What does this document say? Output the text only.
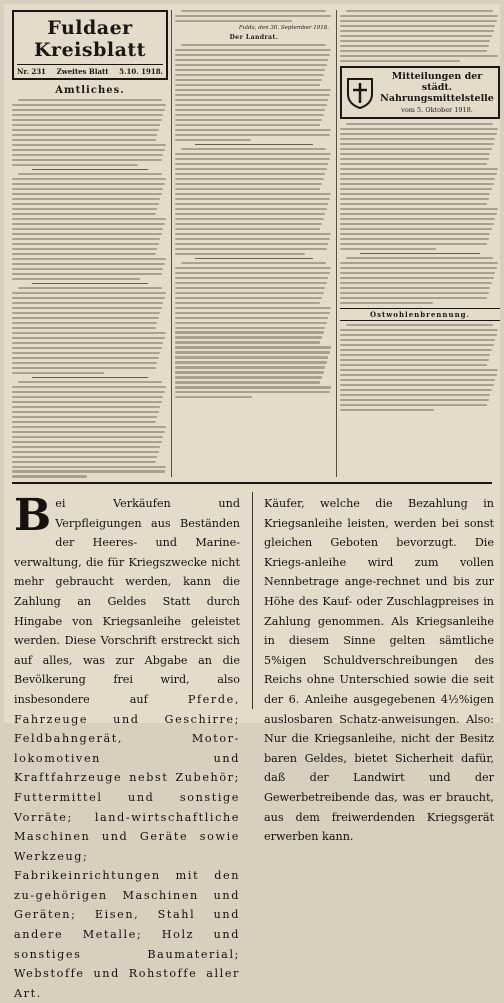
Fuldaer Kreisblatt
Nr. 231 Zweites Blatt 5.10. 1918.
Amtliches.
Fulda, den 30. September 1918.
Der Landrat.
Mitteilungen der städt. Nahrungsmittelstelle
vom 5. Oktober 1918.
Ostwohlenbrennung.
Bei Verkäufen und Verpfleigungen aus Beständen der Heeres- und Marine-verwaltung, die für Kriegszwecke nicht mehr gebraucht werden, kann die Zahlung an Geldes Statt durch Hingabe von Kriegsanleihe geleistet werden. Diese Vorschrift erstreckt sich auf alles, was zur Abgabe an die Bevölkerung frei wird, also insbesondere auf	Pferde, Fahrzeuge und Geschirre; Feldbahngerät, Motor-lokomotiven und Kraftfahrzeuge nebst Zubehör; Futtermittel und sonstige Vorräte; land-wirtschaftliche Maschinen und Geräte sowie Werkzeug; Fabrikeinrichtungen mit den zu-gehörigen Maschinen und Geräten; Eisen, Stahl und andere Metalle; Holz und sonstiges Baumaterial; Webstoffe und Rohstoffe aller Art.
Käufer, welche die Bezahlung in Kriegsanleihe leisten, werden bei sonst gleichen Geboten bevorzugt. Die Kriegs-anleihe wird zum vollen Nennbetrage ange-rechnet und bis zur Höhe des Kauf- oder Zuschlagpreises in Zahlung genommen. Als Kriegsanleihe in diesem Sinne gelten sämtliche 5%igen Schuldverschreibungen des Reichs ohne Unterschied sowie die seit der 6. Anleihe ausgegebenen 4½%igen auslosbaren Schatz-anweisungen. Also: Nur die Kriegsanleihe, nicht der Besitz baren Geldes, bietet Sicherheit dafür, daß der Landwirt und der Gewerbetreibende das, was er braucht, aus dem freiwerdenden Kriegsgerät erwerben kann.
